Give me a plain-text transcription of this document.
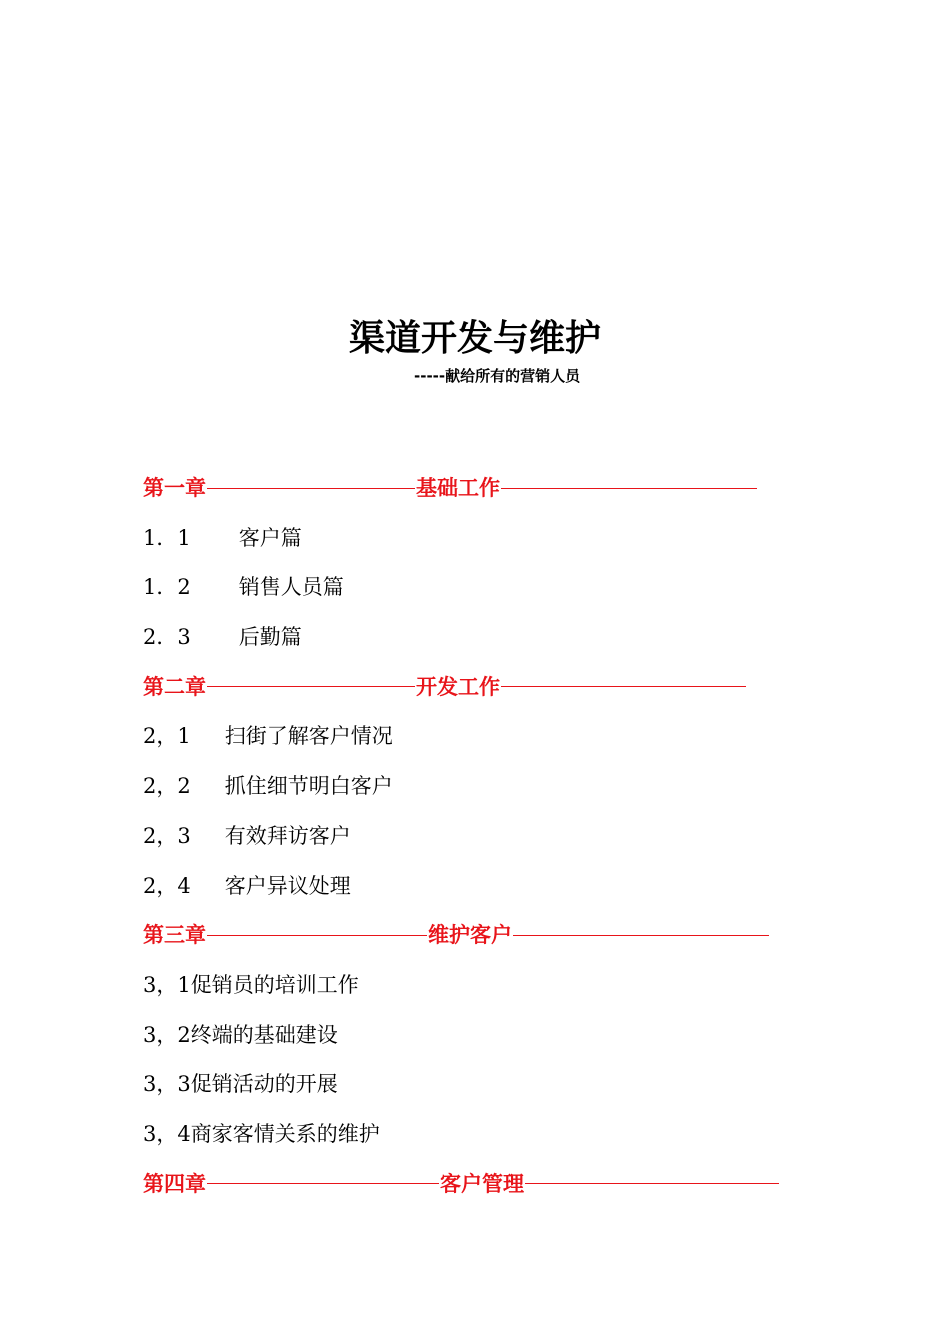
渠道开发与维护
-----献给所有的营销人员
第一章	基础工作
1．1 客户篇
1．2 销售人员篇
2．3 后勤篇
第二章	开发工作
2，1 扫街了解客户情况
2，2 抓住细节明白客户
2，3 有效拜访客户
2，4 客户异议处理
第三章	维护客户
3，1促销员的培训工作
3，2终端的基础建设
3，3促销活动的开展
3，4商家客情关系的维护
第四章	客户管理
